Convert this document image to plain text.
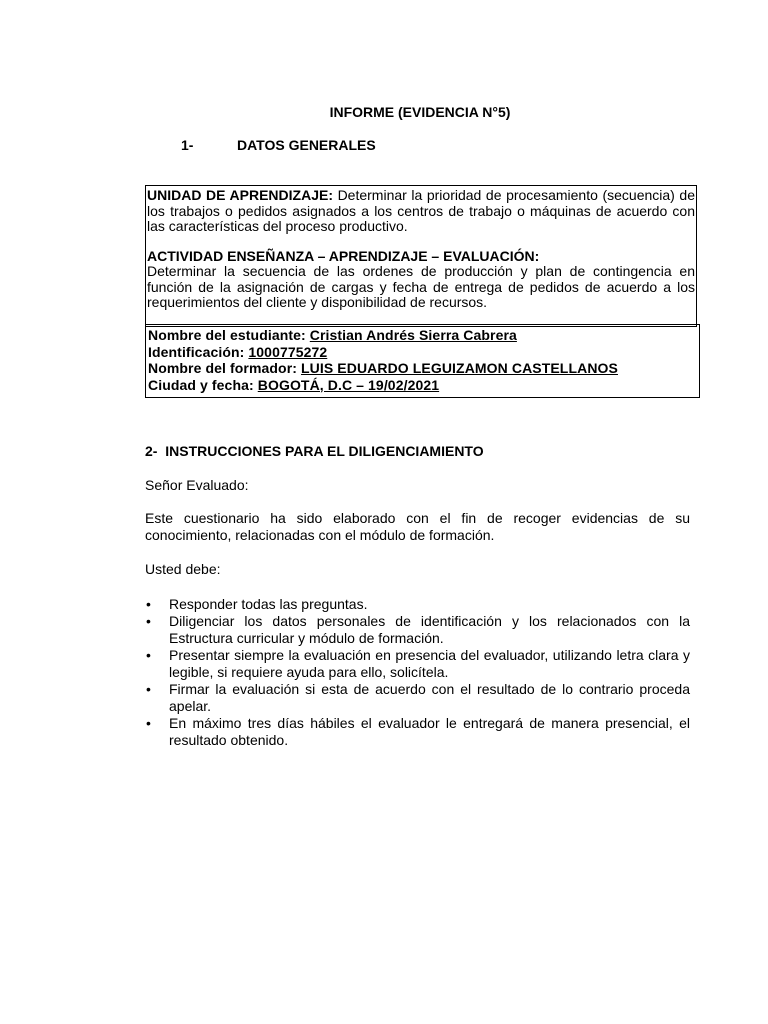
INFORME (EVIDENCIA N°5)
1-	DATOS GENERALES

UNIDAD DE APRENDIZAJE: Determinar la prioridad de procesamiento (secuencia) de los trabajos o pedidos asignados a los centros de trabajo o máquinas de acuerdo con las características del proceso productivo.

ACTIVIDAD ENSEÑANZA – APRENDIZAJE – EVALUACIÓN:
Determinar la secuencia de las ordenes de producción y plan de contingencia en función de la asignación de cargas y fecha de entrega de pedidos de acuerdo a los requerimientos del cliente y disponibilidad de recursos.

Nombre del estudiante: Cristian Andrés Sierra Cabrera
Identificación: 1000775272
Nombre del formador: LUIS EDUARDO LEGUIZAMON CASTELLANOS
Ciudad y fecha: BOGOTÁ, D.C – 19/02/2021
2- INSTRUCCIONES PARA EL DILIGENCIAMIENTO
Señor Evaluado:
Este cuestionario ha sido elaborado con el fin de recoger evidencias de su conocimiento, relacionadas con el módulo de formación.
Usted debe:
• Responder todas las preguntas.
• Diligenciar los datos personales de identificación y los relacionados con la Estructura curricular y módulo de formación.
• Presentar siempre la evaluación en presencia del evaluador, utilizando letra clara y legible, si requiere ayuda para ello, solicítela.
• Firmar la evaluación si esta de acuerdo con el resultado de lo contrario proceda apelar.
• En máximo tres días hábiles el evaluador le entregará de manera presencial, el resultado obtenido.
